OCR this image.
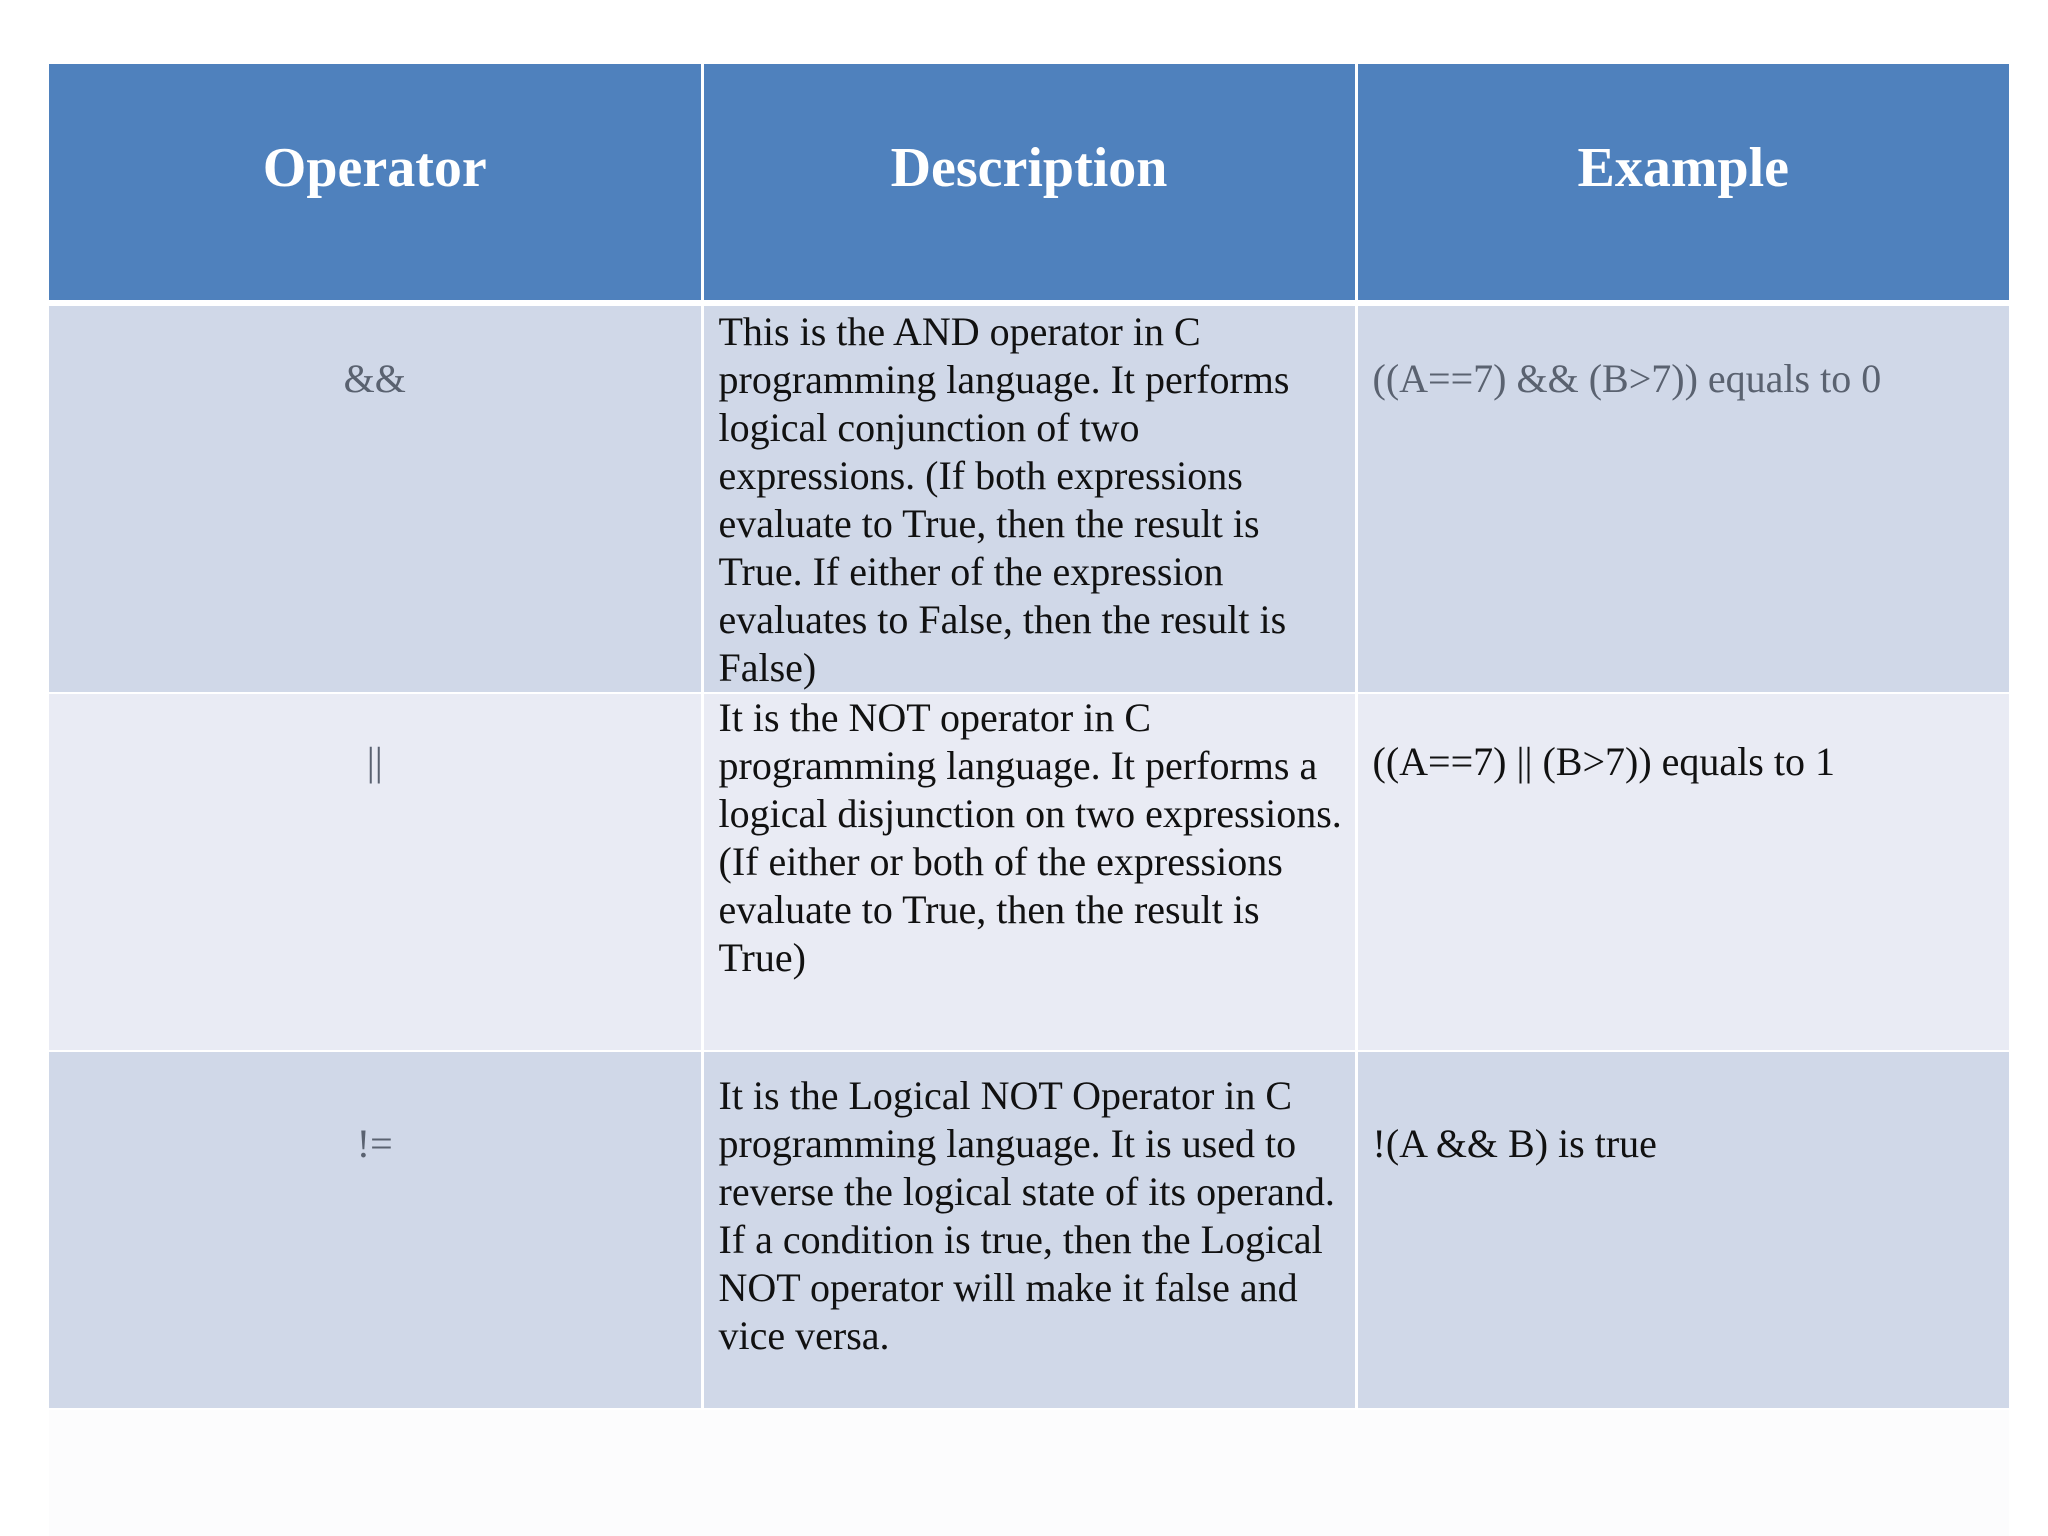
Operator	Description	Example

&&	This is the AND operator in C programming language. It performs logical conjunction of two expressions. (If both expressions evaluate to True, then the result is True. If either of the expression evaluates to False, then the result is False)	((A==7) && (B>7)) equals to 0

||	It is the NOT operator in C programming language. It performs a logical disjunction on two expressions. (If either or both of the expressions evaluate to True, then the result is True)	((A==7) || (B>7)) equals to 1

!=	It is the Logical NOT Operator in C programming language. It is used to reverse the logical state of its operand. If a condition is true, then the Logical NOT operator will make it false and vice versa.	!(A && B) is true
